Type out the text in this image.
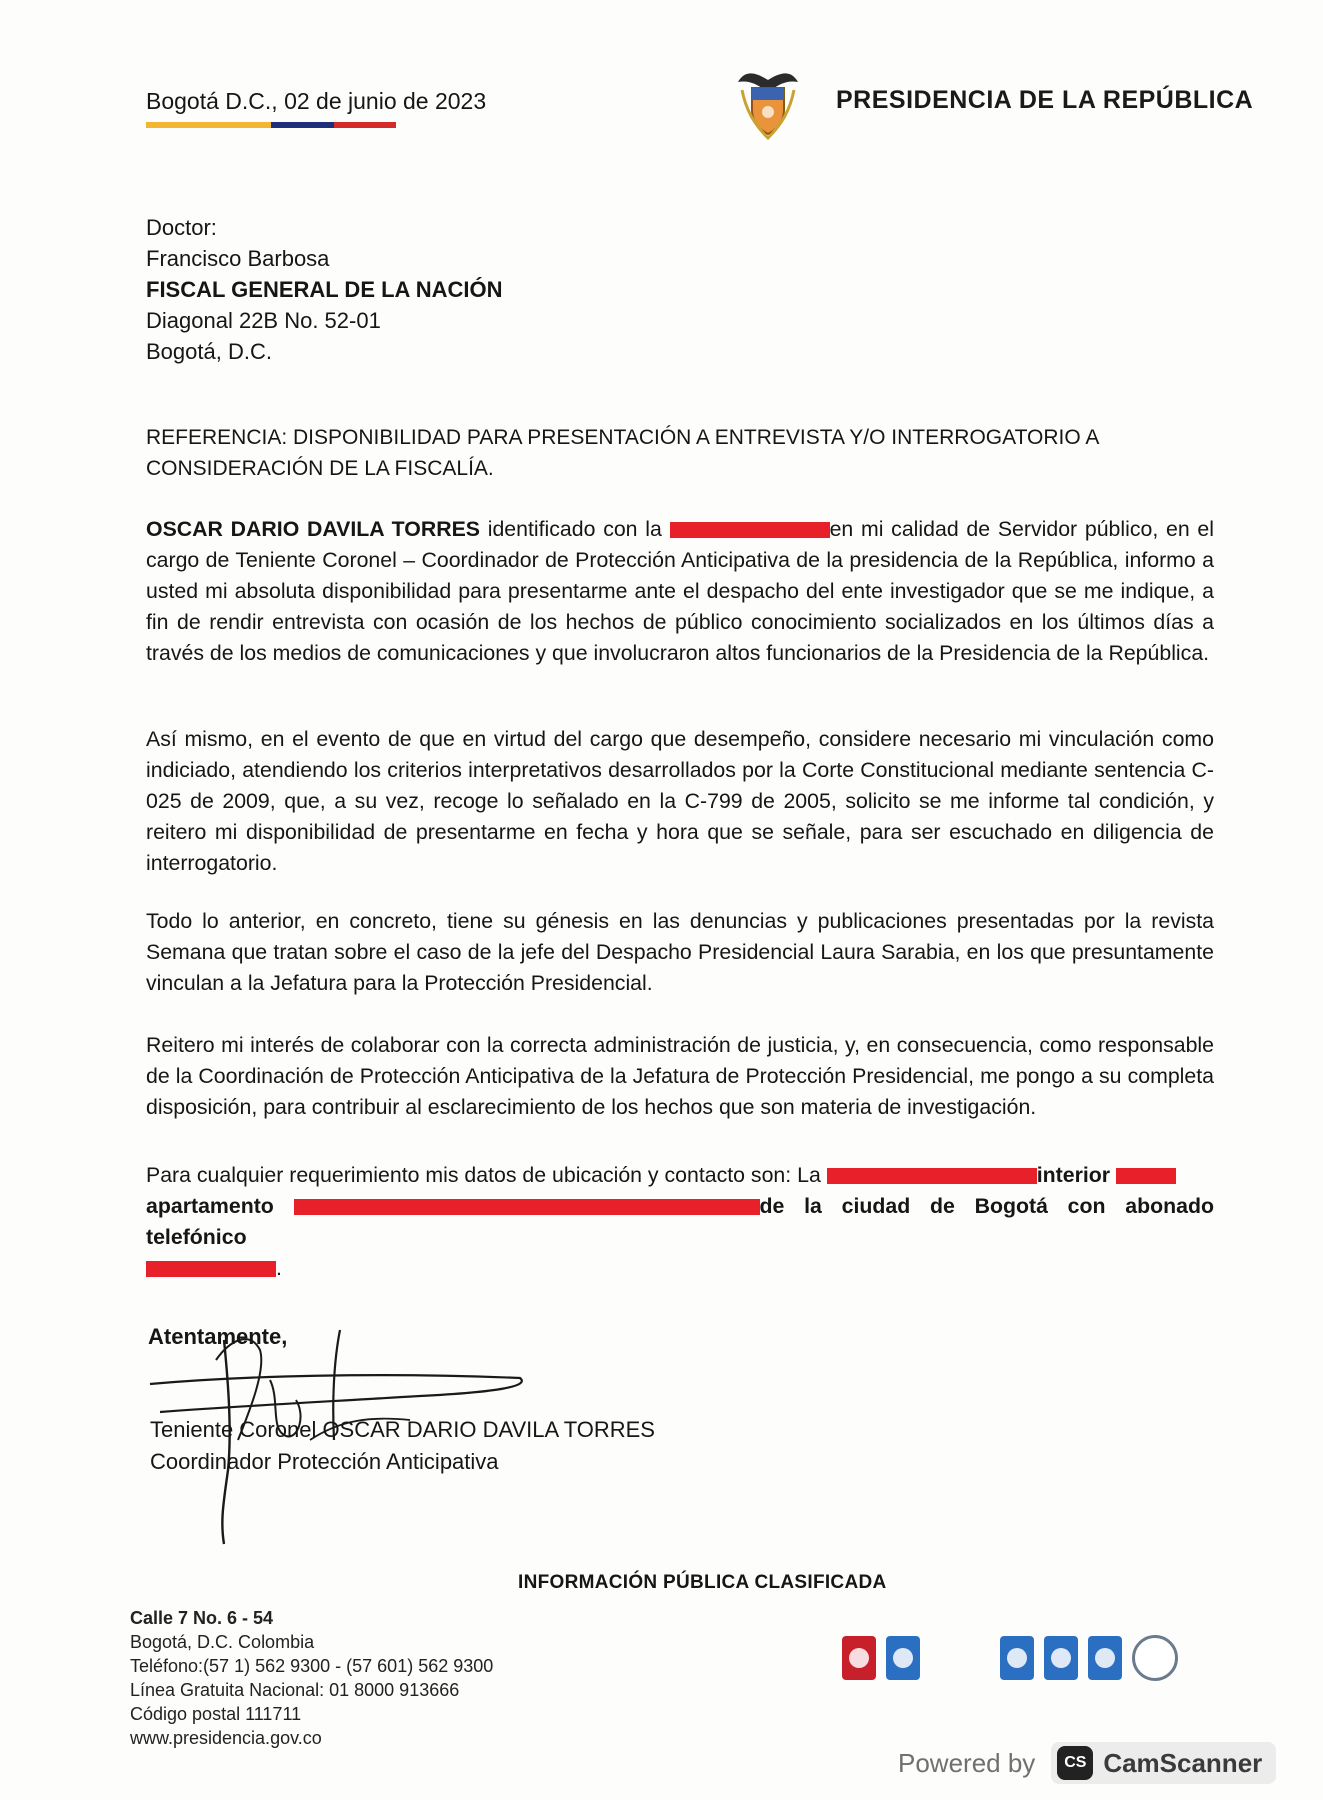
Bogotá D.C., 02 de junio de 2023	PRESIDENCIA DE LA REPÚBLICA
Doctor:
Francisco Barbosa
FISCAL GENERAL DE LA NACIÓN
Diagonal 22B No. 52-01
Bogotá, D.C.
REFERENCIA: DISPONIBILIDAD PARA PRESENTACIÓN A ENTREVISTA Y/O INTERROGATORIO A CONSIDERACIÓN DE LA FISCALÍA.
OSCAR DARIO DAVILA TORRES identificado con la	en mi calidad de Servidor público, en el cargo de Teniente Coronel – Coordinador de Protección Anticipativa de la presidencia de la República, informo a usted mi absoluta disponibilidad para presentarme ante el despacho del ente investigador que se me indique, a fin de rendir entrevista con ocasión de los hechos de público conocimiento socializados en los últimos días a través de los medios de comunicaciones y que involucraron altos funcionarios de la Presidencia de la República.
Así mismo, en el evento de que en virtud del cargo que desempeño, considere necesario mi vinculación como indiciado, atendiendo los criterios interpretativos desarrollados por la Corte Constitucional mediante sentencia C- 025 de 2009, que, a su vez, recoge lo señalado en la C-799 de 2005, solicito se me informe tal condición, y reitero mi disponibilidad de presentarme en fecha y hora que se señale, para ser escuchado en diligencia de interrogatorio.
Todo lo anterior, en concreto, tiene su génesis en las denuncias y publicaciones presentadas por la revista Semana que tratan sobre el caso de la jefe del Despacho Presidencial Laura Sarabia, en los que presuntamente vinculan a la Jefatura para la Protección Presidencial.
Reitero mi interés de colaborar con la correcta administración de justicia, y, en consecuencia, como responsable de la Coordinación de Protección Anticipativa de la Jefatura de Protección Presidencial, me pongo a su completa disposición, para contribuir al esclarecimiento de los hechos que son materia de investigación.
Para cualquier requerimiento mis datos de ubicación y contacto son: La	interior
apartamento	de la ciudad de Bogotá con abonado telefónico
.
Atentamente,
Teniente Coronel OSCAR DARIO DAVILA TORRES
Coordinador Protección Anticipativa
INFORMACIÓN PÚBLICA CLASIFICADA
Calle 7 No. 6 - 54
Bogotá, D.C. Colombia
Teléfono:(57 1) 562 9300 - (57 601) 562 9300
Línea Gratuita Nacional: 01 8000 913666
Código postal 111711
www.presidencia.gov.co
Powered by	CS CamScanner
